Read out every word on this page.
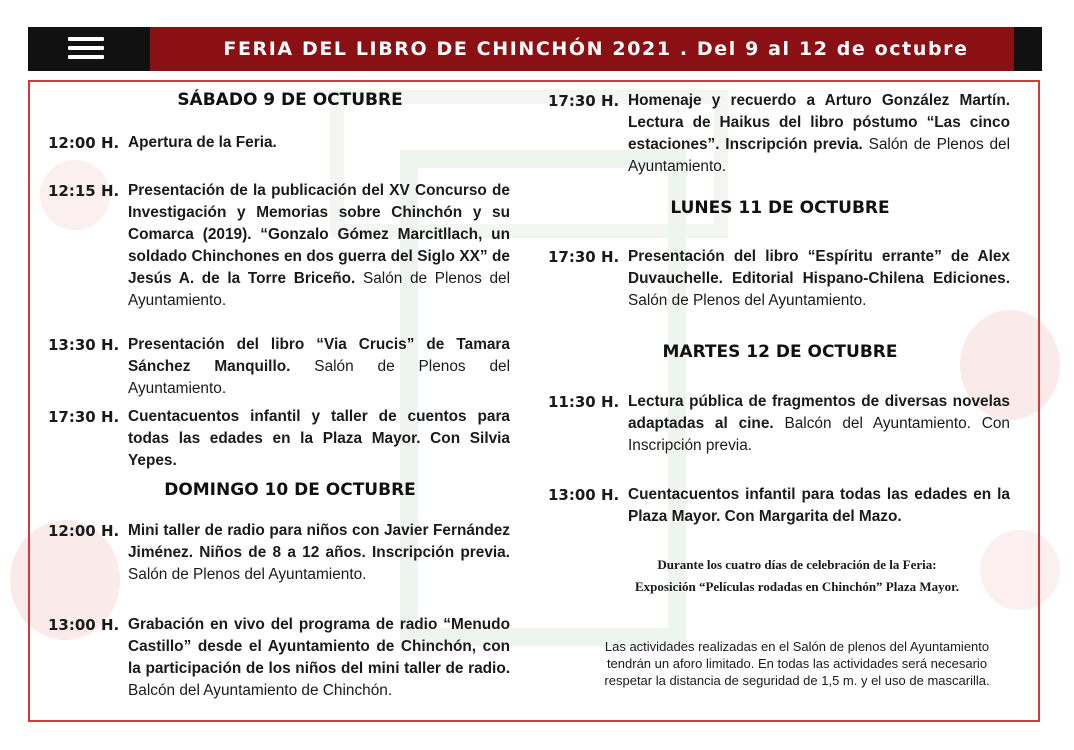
FERIA DEL LIBRO DE CHINCHÓN 2021 . Del 9 al 12 de octubre
SÁBADO 9 DE OCTUBRE
12:00 H. Apertura de la Feria.
12:15 H. Presentación de la publicación del XV Concurso de Investigación y Memorias sobre Chinchón y su Comarca (2019). “Gonzalo Gómez Marcitllach, un soldado Chinchones en dos guerra del Siglo XX” de Jesús A. de la Torre Briceño. Salón de Plenos del Ayuntamiento.
13:30 H. Presentación del libro “Via Crucis” de Tamara Sánchez Manquillo. Salón de Plenos del Ayuntamiento.
17:30 H. Cuentacuentos infantil y taller de cuentos para todas las edades en la Plaza Mayor. Con Silvia Yepes.
DOMINGO 10 DE OCTUBRE
12:00 H. Mini taller de radio para niños con Javier Fernández Jiménez. Niños de 8 a 12 años. Inscripción previa. Salón de Plenos del Ayuntamiento.
13:00 H. Grabación en vivo del programa de radio “Menudo Castillo” desde el Ayuntamiento de Chinchón, con la participación de los niños del mini taller de radio. Balcón del Ayuntamiento de Chinchón.
17:30 H. Homenaje y recuerdo a Arturo González Martín. Lectura de Haikus del libro póstumo “Las cinco estaciones”. Inscripción previa. Salón de Plenos del Ayuntamiento.
LUNES 11 DE OCTUBRE
17:30 H. Presentación del libro “Espíritu errante” de Alex Duvauchelle. Editorial Hispano-Chilena Ediciones. Salón de Plenos del Ayuntamiento.
MARTES 12 DE OCTUBRE
11:30 H. Lectura pública de fragmentos de diversas novelas adaptadas al cine. Balcón del Ayuntamiento. Con Inscripción previa.
13:00 H. Cuentacuentos infantil para todas las edades en la Plaza Mayor. Con Margarita del Mazo.
Durante los cuatro días de celebración de la Feria:
Exposición “Películas rodadas en Chinchón” Plaza Mayor.
Las actividades realizadas en el Salón de plenos del Ayuntamiento
tendrán un aforo limitado. En todas las actividades será necesario
respetar la distancia de seguridad de 1,5 m. y el uso de mascarilla.
